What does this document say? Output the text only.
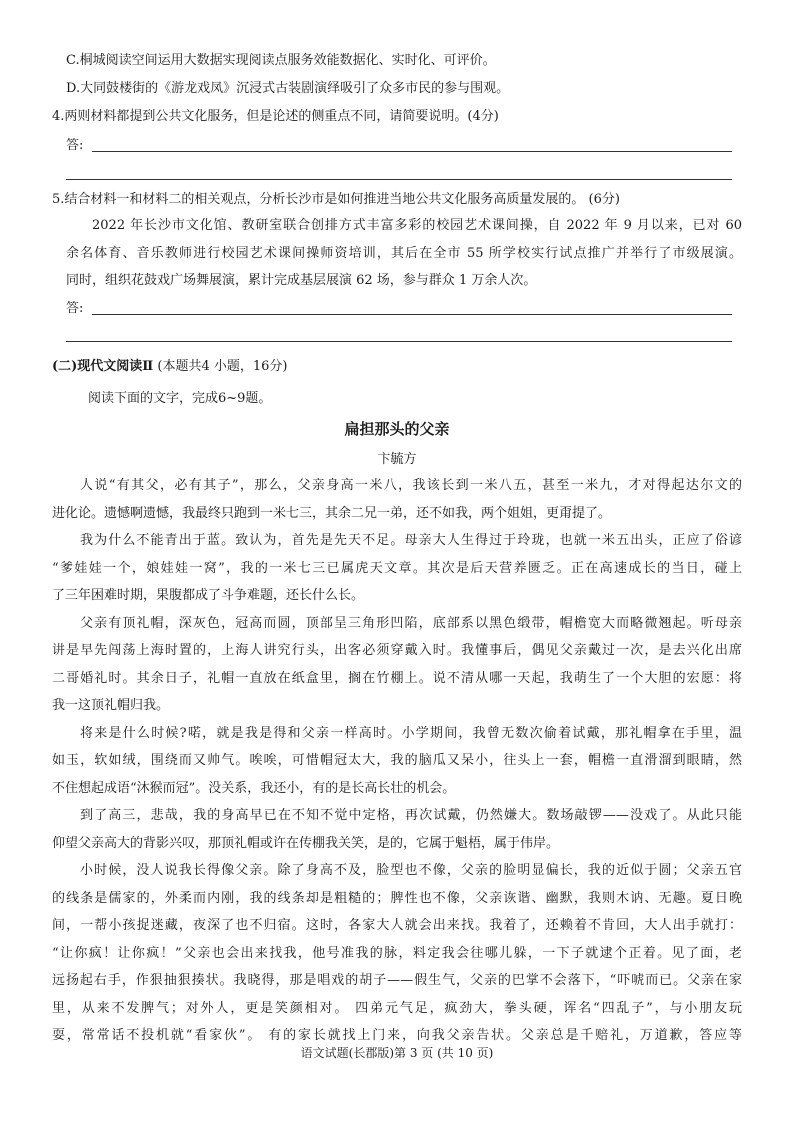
C.桐城阅读空间运用大数据实现阅读点服务效能数据化、实时化、可评价。
D.大同鼓楼街的《游龙戏凤》沉浸式古装剧演绎吸引了众多市民的参与围观。
4.两则材料都提到公共文化服务，但是论述的侧重点不同，请简要说明。(4分)
答:
5.结合材料一和材料二的相关观点，分析长沙市是如何推进当地公共文化服务高质量发展的。 (6分)
2022 年长沙市文化馆、教研室联合创排方式丰富多彩的校园艺术课间操，自 2022 年 9 月以来，已对 60
余名体育、音乐教师进行校园艺术课间操师资培训，其后在全市 55 所学校实行试点推广并举行了市级展演。
同时，组织花鼓戏广场舞展演，累计完成基层展演 62 场，参与群众 1 万余人次。
答:
(二)现代文阅读Ⅱ (本题共4 小题，16分)
阅读下面的文字，完成6~9题。
扁担那头的父亲
卞毓方
人说“有其父，必有其子”，那么，父亲身高一米八，我该长到一米八五，甚至一米九，才对得起达尔文的
进化论。遗憾啊遗憾，我最终只跑到一米七三，其余二兄一弟，还不如我，两个姐姐，更甭提了。
我为什么不能青出于蓝。致认为，首先是先天不足。母亲大人生得过于玲珑，也就一米五出头，正应了俗谚
“爹娃娃一个，娘娃娃一窝”，我的一米七三已属虎天文章。其次是后天营养匮乏。正在高速成长的当日，碰上
了三年困难时期，果腹都成了斗争难题，还长什么长。
父亲有顶礼帽，深灰色，冠高而圆，顶部呈三角形凹陷，底部系以黑色缎带，帽檐宽大而略微翘起。听母亲
讲是早先闯荡上海时置的，上海人讲究行头，出客必须穿戴入时。我懂事后，偶见父亲戴过一次，是去兴化出席
二哥婚礼时。其余日子，礼帽一直放在纸盒里，搁在竹棚上。说不清从哪一天起，我萌生了一个大胆的宏愿：将
我一这顶礼帽归我。
将来是什么时候?喏，就是我是得和父亲一样高时。小学期间，我曾无数次偷着试戴，那礼帽拿在手里，温
如玉，软如绒，围绕而又帅气。唉唉，可惜帽冠太大，我的脑瓜又呆小，往头上一套，帽檐一直滑溜到眼睛，然
不住想起成语“沐猴而冠”。没关系，我还小，有的是长高长壮的机会。
到了高三，悲哉，我的身高早已在不知不觉中定格，再次试戴，仍然嫌大。数场敲锣——没戏了。从此只能
仰望父亲高大的背影兴叹，那顶礼帽或许在传棚我关笑，是的，它属于魁梧，属于伟岸。
小时候，没人说我长得像父亲。除了身高不及，脸型也不像，父亲的脸明显偏长，我的近似于圆；父亲五官
的线条是儒家的，外柔而内刚，我的线条却是粗糙的；脾性也不像，父亲诙谐、幽默，我则木讷、无趣。夏日晚
间，一帮小孩捉迷藏，夜深了也不归宿。这时，各家大人就会出来找。我着了，还赖着不肯回，大人出手就打：
“让你疯！让你疯！”父亲也会出来找我，他号准我的脉，料定我会往哪儿躲，一下子就逮个正着。见了面，老
远扬起右手，作狠抽狠揍状。我晓得，那是唱戏的胡子——假生气，父亲的巴掌不会落下，“吓唬而已。父亲在家
里，从来不发脾气；对外人，更是笑颜相对。 四弟元气足，疯劲大，拳头硬，诨名“四乱子”，与小朋友玩
耍，常常话不投机就“看家伙”。 有的家长就找上门来，向我父亲告状。父亲总是千赔礼，万道歉，答应等
语文试题(长郡版)第 3 页 (共 10 页)
